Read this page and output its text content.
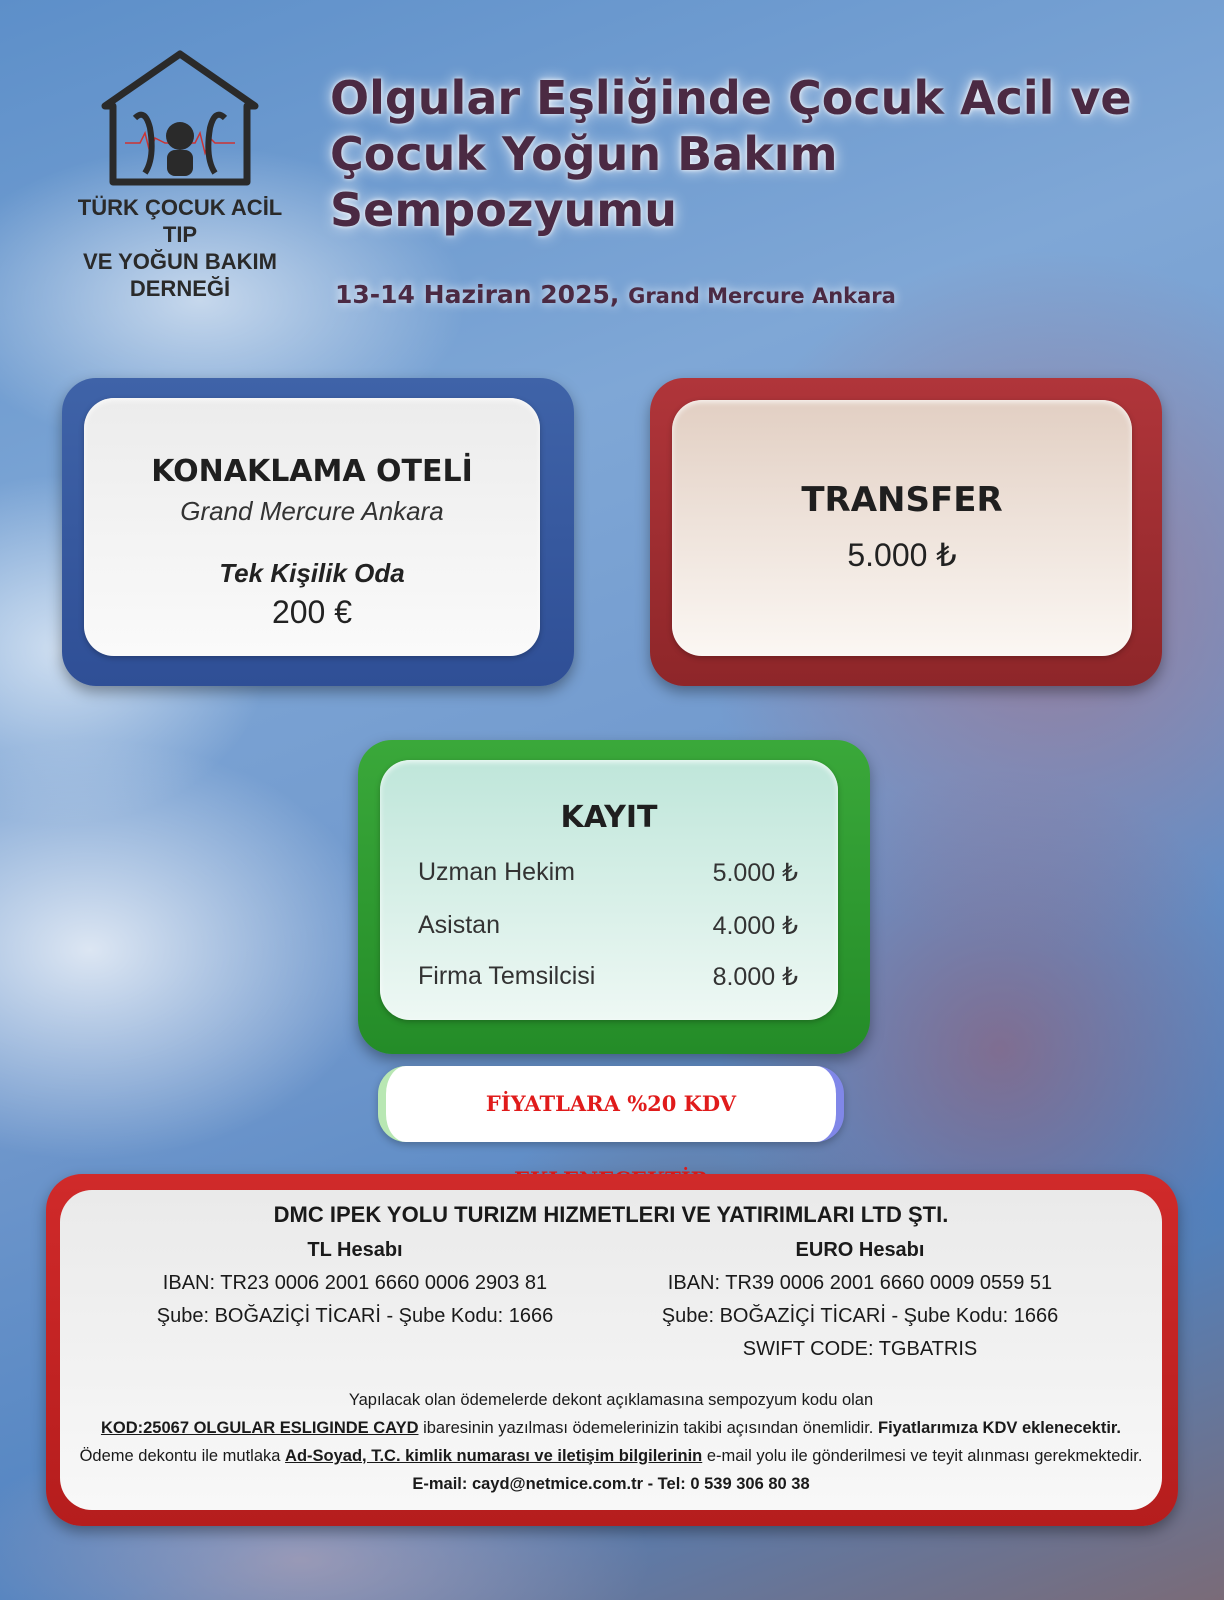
TÜRK ÇOCUK ACİL TIP
VE YOĞUN BAKIM
DERNEĞİ
Olgular Eşliğinde Çocuk Acil ve
Çocuk Yoğun Bakım
Sempozyumu
13-14 Haziran 2025, Grand Mercure Ankara
KONAKLAMA OTELİ
Grand Mercure Ankara
Tek Kişilik Oda
200 €
TRANSFER
5.000 ₺
KAYIT
Uzman Hekim	5.000 ₺
Asistan	4.000 ₺
Firma Temsilcisi	8.000 ₺
FİYATLARA %20 KDV
DMC IPEK YOLU TURIZM HIZMETLERI VE YATIRIMLARI LTD ŞTI.
TL Hesabı
IBAN: TR23 0006 2001 6660 0006 2903 81
Şube: BOĞAZİÇİ TİCARİ - Şube Kodu: 1666
EURO Hesabı
IBAN: TR39 0006 2001 6660 0009 0559 51
Şube: BOĞAZİÇİ TİCARİ - Şube Kodu: 1666
SWIFT CODE: TGBATRIS
Yapılacak olan ödemelerde dekont açıklamasına sempozyum kodu olan
KOD:25067 OLGULAR ESLIGINDE CAYD ibaresinin yazılması ödemelerinizin takibi açısından önemlidir. Fiyatlarımıza KDV eklenecektir.
Ödeme dekontu ile mutlaka Ad-Soyad, T.C. kimlik numarası ve iletişim bilgilerinin e-mail yolu ile gönderilmesi ve teyit alınması gerekmektedir.
E-mail: cayd@netmice.com.tr - Tel: 0 539 306 80 38
